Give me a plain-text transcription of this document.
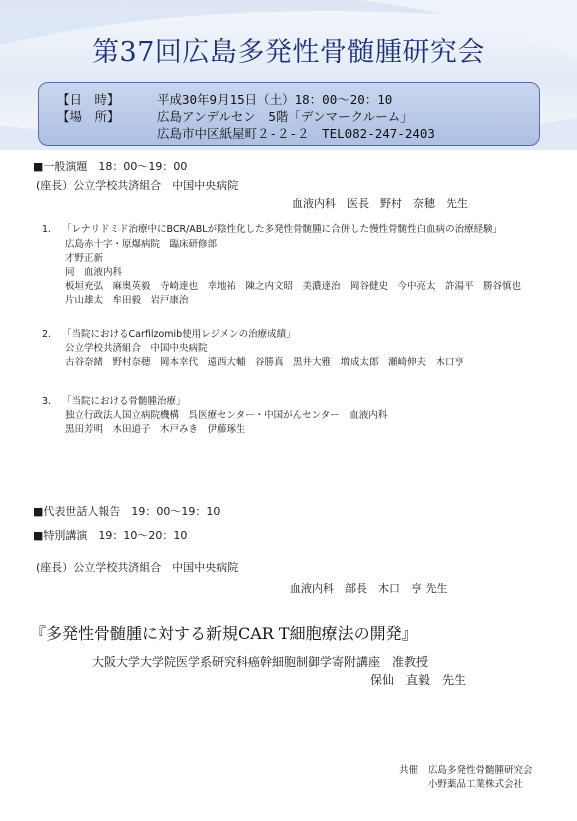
第37回広島多発性骨髄腫研究会
【日　時】	平成30年9月15日（土）18：00～20：10
【場　所】	広島アンデルセン　5階「デンマークルーム」
広島市中区紙屋町２-２-２　TEL082-247-2403
■一般演題　18：00～19：00
(座長）公立学校共済組合　中国中央病院
血液内科　医長　野村　奈穂　先生
1． 「レナリドミド治療中にBCR/ABLが陰性化した多発性骨髄腫に合併した慢性骨髄性白血病の治療経験」
広島赤十字・原爆病院　臨床研修部
才野正新
同　血液内科
板垣充弘　麻奥英毅　寺崎達也　幸地祐　陳之内文昭　美濃達治　岡谷健史　今中亮太　許湯平　勝谷慎也
片山雄太　牟田毅　岩戸康治
2． 「当院におけるCarfilzomib使用レジメンの治療成績」
公立学校共済組合　中国中央病院
古谷奈緒　野村奈穂　岡本幸代　遠西大輔　谷勝真　黒井大雅　増成太郎　瀬崎伸夫　木口亨
3． 「当院における骨髄腫治療」
独立行政法人国立病院機構　呉医療センター・中国がんセンター　血液内科
黒田芳明　木田道子　木戸みき　伊藤琢生
■代表世話人報告　19：00～19：10
■特別講演　19：10～20：10
(座長）公立学校共済組合　中国中央病院
血液内科　部長　木口　亨 先生
『多発性骨髄腫に対する新規CAR T細胞療法の開発』
大阪大学大学院医学系研究科癌幹細胞制御学寄附講座　准教授
保仙　直毅　先生
共催 広島多発性骨髄腫研究会
小野薬品工業株式会社
